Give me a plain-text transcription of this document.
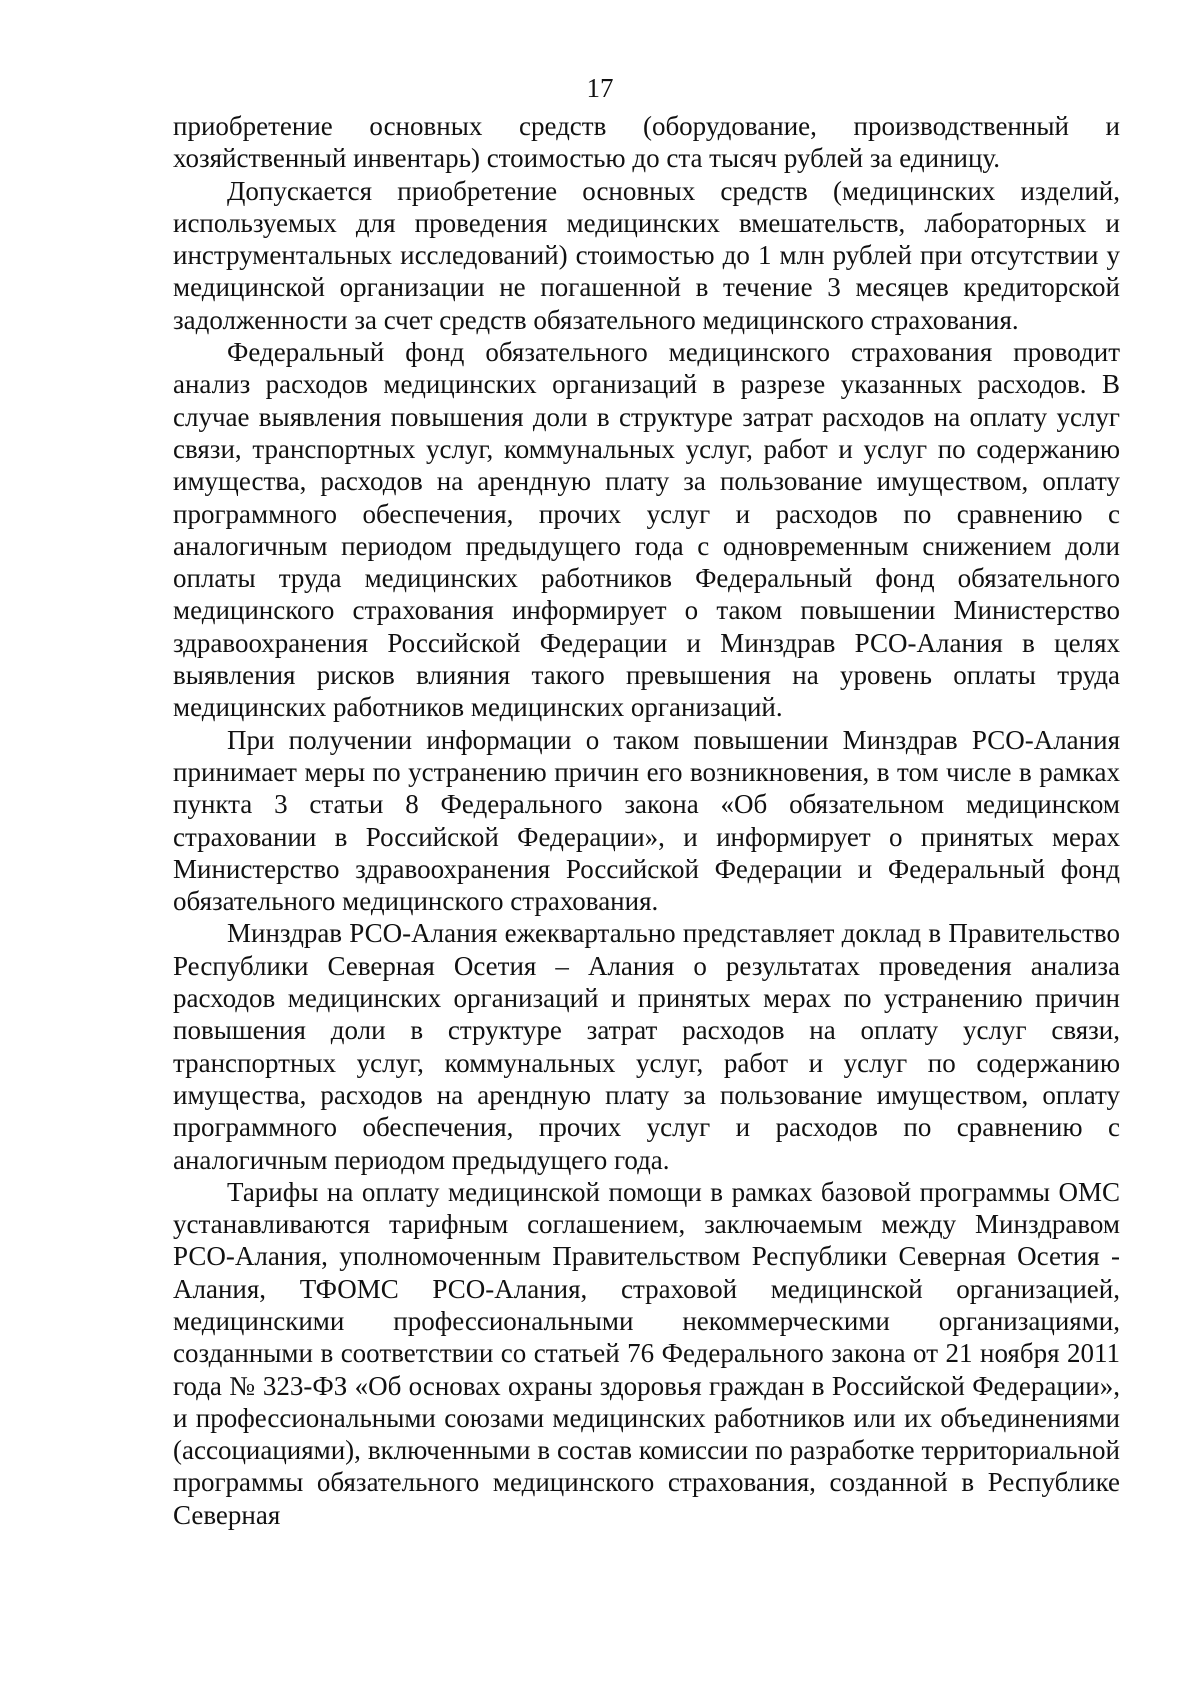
17

приобретение основных средств (оборудование, производственный и хозяйственный инвентарь) стоимостью до ста тысяч рублей за единицу.

Допускается приобретение основных средств (медицинских изделий, используемых для проведения медицинских вмешательств, лабораторных и инструментальных исследований) стоимостью до 1 млн рублей при отсутствии у медицинской организации не погашенной в течение 3 месяцев кредиторской задолженности за счет средств обязательного медицинского страхования.

Федеральный фонд обязательного медицинского страхования проводит анализ расходов медицинских организаций в разрезе указанных расходов. В случае выявления повышения доли в структуре затрат расходов на оплату услуг связи, транспортных услуг, коммунальных услуг, работ и услуг по содержанию имущества, расходов на арендную плату за пользование имуществом, оплату программного обеспечения, прочих услуг и расходов по сравнению с аналогичным периодом предыдущего года с одновременным снижением доли оплаты труда медицинских работников Федеральный фонд обязательного медицинского страхования информирует о таком повышении Министерство здравоохранения Российской Федерации и Минздрав РСО-Алания в целях выявления рисков влияния такого превышения на уровень оплаты труда медицинских работников медицинских организаций.

При получении информации о таком повышении Минздрав РСО-Алания принимает меры по устранению причин его возникновения, в том числе в рамках пункта 3 статьи 8 Федерального закона «Об обязательном медицинском страховании в Российской Федерации», и информирует о принятых мерах Министерство здравоохранения Российской Федерации и Федеральный фонд обязательного медицинского страхования.

Минздрав РСО-Алания ежеквартально представляет доклад в Правительство Республики Северная Осетия – Алания о результатах проведения анализа расходов медицинских организаций и принятых мерах по устранению причин повышения доли в структуре затрат расходов на оплату услуг связи, транспортных услуг, коммунальных услуг, работ и услуг по содержанию имущества, расходов на арендную плату за пользование имуществом, оплату программного обеспечения, прочих услуг и расходов по сравнению с аналогичным периодом предыдущего года.

Тарифы на оплату медицинской помощи в рамках базовой программы ОМС устанавливаются тарифным соглашением, заключаемым между Минздравом РСО-Алания, уполномоченным Правительством Республики Северная Осетия - Алания, ТФОМС РСО-Алания, страховой медицинской организацией, медицинскими профессиональными некоммерческими организациями, созданными в соответствии со статьей 76 Федерального закона от 21 ноября 2011 года № 323-ФЗ «Об основах охраны здоровья граждан в Российской Федерации», и профессиональными союзами медицинских работников или их объединениями (ассоциациями), включенными в состав комиссии по разработке территориальной программы обязательного медицинского страхования, созданной в Республике Северная
